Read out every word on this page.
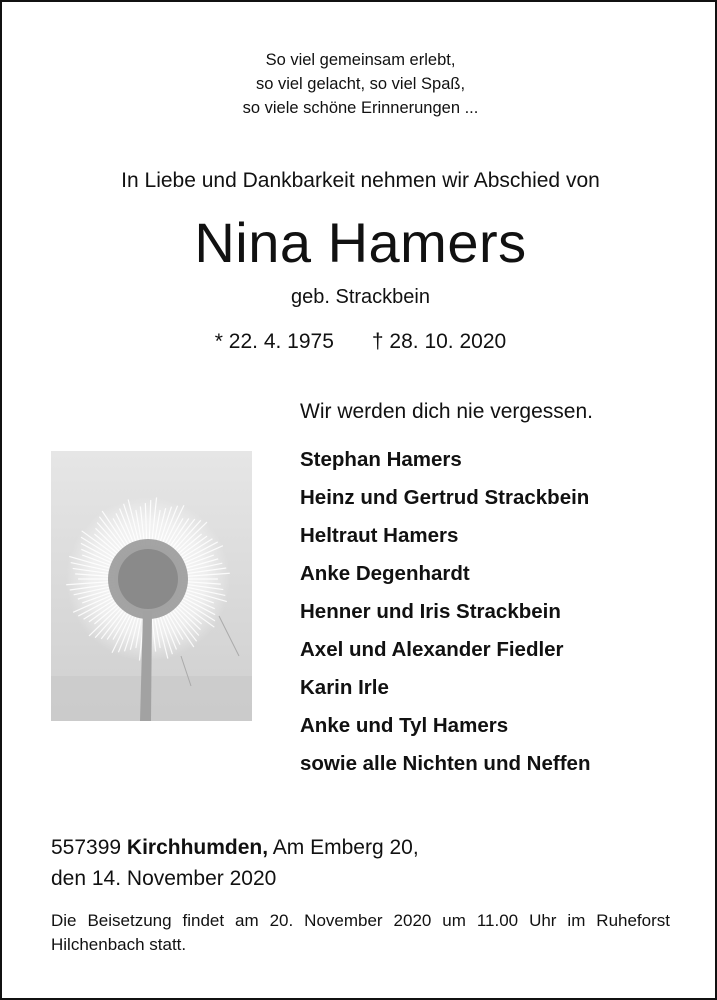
So viel gemeinsam erlebt,
so viel gelacht, so viel Spaß,
so viele schöne Erinnerungen ...
In Liebe und Dankbarkeit nehmen wir Abschied von
Nina Hamers
geb. Strackbein
* 22. 4. 1975 † 28. 10. 2020
Wir werden dich nie vergessen.
Stephan Hamers
Heinz und Gertrud Strackbein
Heltraut Hamers
Anke Degenhardt
Henner und Iris Strackbein
Axel und Alexander Fiedler
Karin Irle
Anke und Tyl Hamers
sowie alle Nichten und Neffen
557399 Kirchhumden, Am Emberg 20,
den 14. November 2020
Die Beisetzung findet am 20. November 2020 um 11.00 Uhr im Ruheforst Hilchenbach statt.
